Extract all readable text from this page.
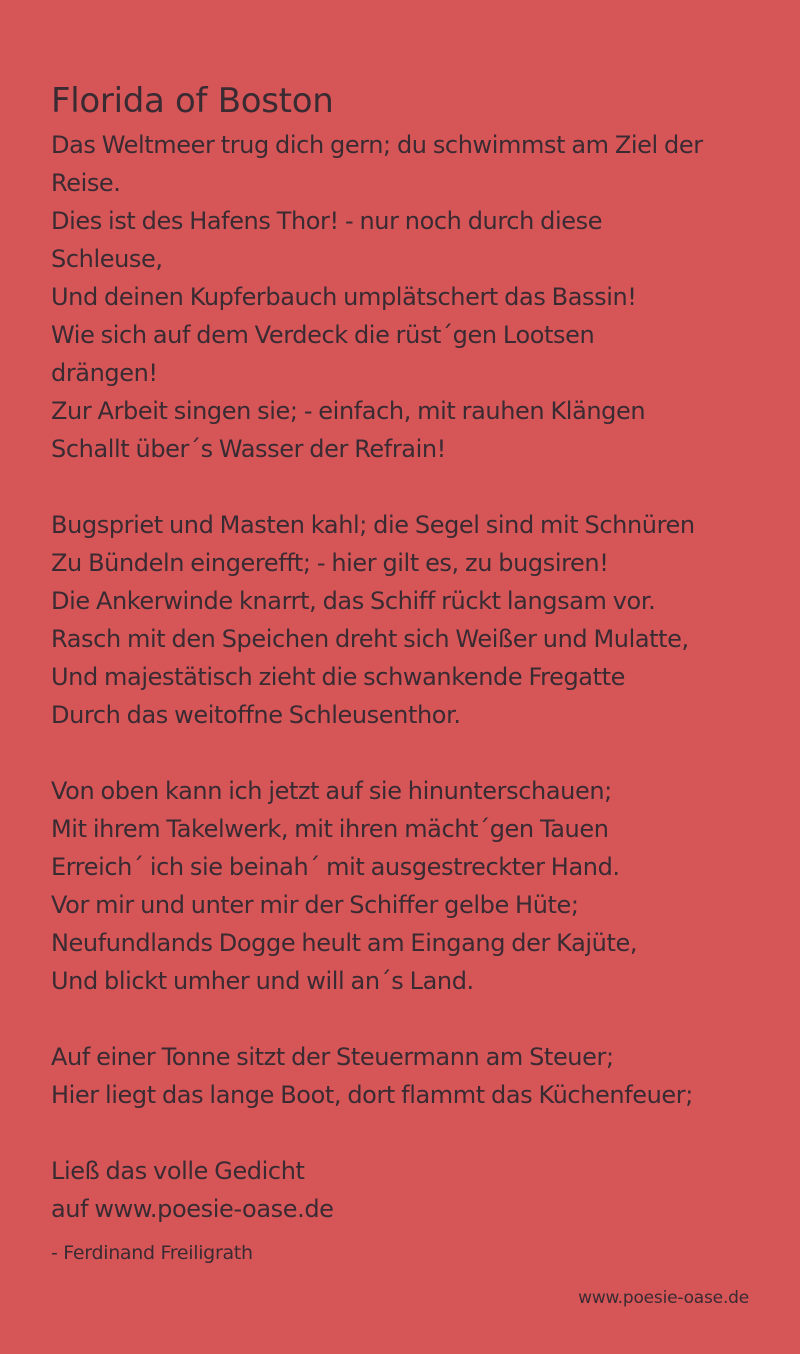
Florida of Boston
Das Weltmeer trug dich gern; du schwimmst am Ziel der
Reise.
Dies ist des Hafens Thor! - nur noch durch diese
Schleuse,
Und deinen Kupferbauch umplätschert das Bassin!
Wie sich auf dem Verdeck die rüst´gen Lootsen
drängen!
Zur Arbeit singen sie; - einfach, mit rauhen Klängen
Schallt über´s Wasser der Refrain!
Bugspriet und Masten kahl; die Segel sind mit Schnüren
Zu Bündeln eingerefft; - hier gilt es, zu bugsiren!
Die Ankerwinde knarrt, das Schiff rückt langsam vor.
Rasch mit den Speichen dreht sich Weißer und Mulatte,
Und majestätisch zieht die schwankende Fregatte
Durch das weitoffne Schleusenthor.
Von oben kann ich jetzt auf sie hinunterschauen;
Mit ihrem Takelwerk, mit ihren mächt´gen Tauen
Erreich´ ich sie beinah´ mit ausgestreckter Hand.
Vor mir und unter mir der Schiffer gelbe Hüte;
Neufundlands Dogge heult am Eingang der Kajüte,
Und blickt umher und will an´s Land.
Auf einer Tonne sitzt der Steuermann am Steuer;
Hier liegt das lange Boot, dort flammt das Küchenfeuer;
Ließ das volle Gedicht
auf www.poesie-oase.de
- Ferdinand Freiligrath
www.poesie-oase.de
